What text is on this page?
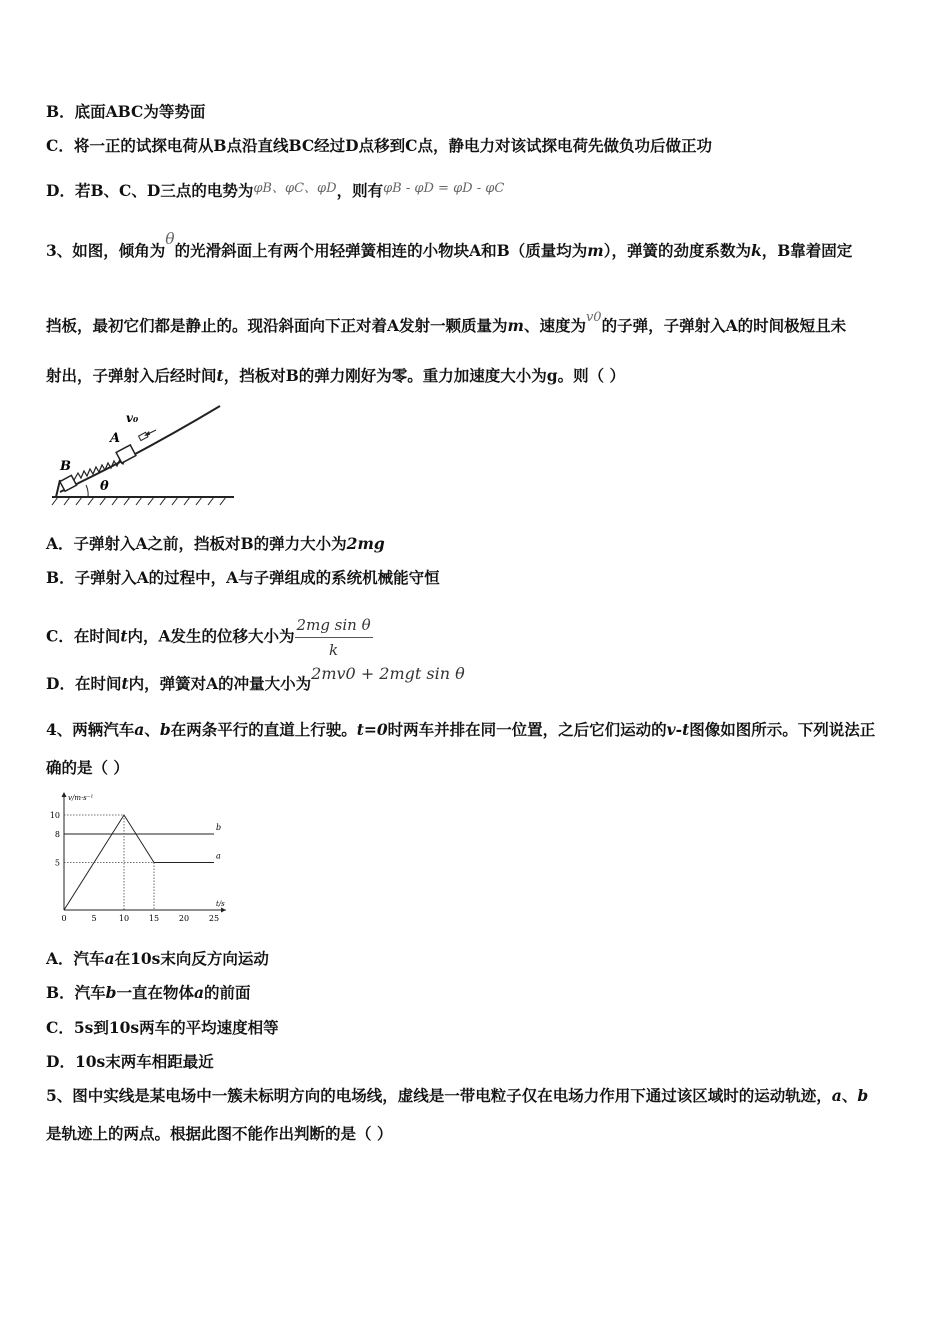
B．底面ABC为等势面
C．将一正的试探电荷从B点沿直线BC经过D点移到C点，静电力对该试探电荷先做负功后做正功
D．若B、C、D三点的电势为$^{\varphi B、\varphi C、\varphi D}$，则有$^{\varphi B - \varphi D = \varphi D - \varphi C}$
3、如图，倾角为θ的光滑斜面上有两个用轻弹簧相连的小物块A和B（质量均为m），弹簧的劲度系数为k，B靠着固定
挡板，最初它们都是静止的。现沿斜面向下正对着A发射一颗质量为m、速度为$^{v0}$的子弹，子弹射入A的时间极短且未
射出，子弹射入后经时间t，挡板对B的弹力刚好为零。重力加速度大小为g。则（ ）
v₀
A
B
θ
A．子弹射入A之前，挡板对B的弹力大小为2mg
B．子弹射入A的过程中，A与子弹组成的系统机械能守恒
C．在时间t内，A发生的位移大小为 $\frac{\text{2mg sin θ}}{k}$
D．在时间t内，弹簧对A的冲量大小为2mv0 + 2mgt sin θ
4、两辆汽车a、b在两条平行的直道上行驶。t=0时两车并排在同一位置，之后它们运动的v-t图像如图所示。下列说法正
确的是（ ）
v/m·s⁻¹
t/s
0	5	10 15 20 25
5
8
10
a
b
A．汽车a在10s末向反方向运动
B．汽车b一直在物体a的前面
C．5s到10s两车的平均速度相等
D．10s末两车相距最近
5、图中实线是某电场中一簇未标明方向的电场线，虚线是一带电粒子仅在电场力作用下通过该区域时的运动轨迹，a、b
是轨迹上的两点。根据此图不能作出判断的是（ ）
